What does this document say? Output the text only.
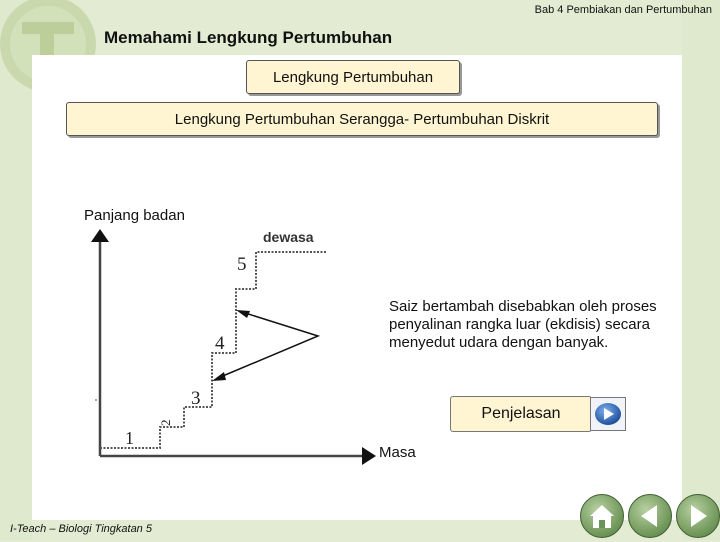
Bab 4 Pembiakan dan Pertumbuhan
Memahami Lengkung Pertumbuhan
Lengkung Pertumbuhan
Lengkung Pertumbuhan Serangga- Pertumbuhan Diskrit
1
2
3
4
5
dewasa
Panjang badan
Masa
Saiz bertambah disebabkan oleh proses penyalinan rangka luar (ekdisis) secara menyedut udara dengan banyak.
Penjelasan
I-Teach – Biologi Tingkatan 5
